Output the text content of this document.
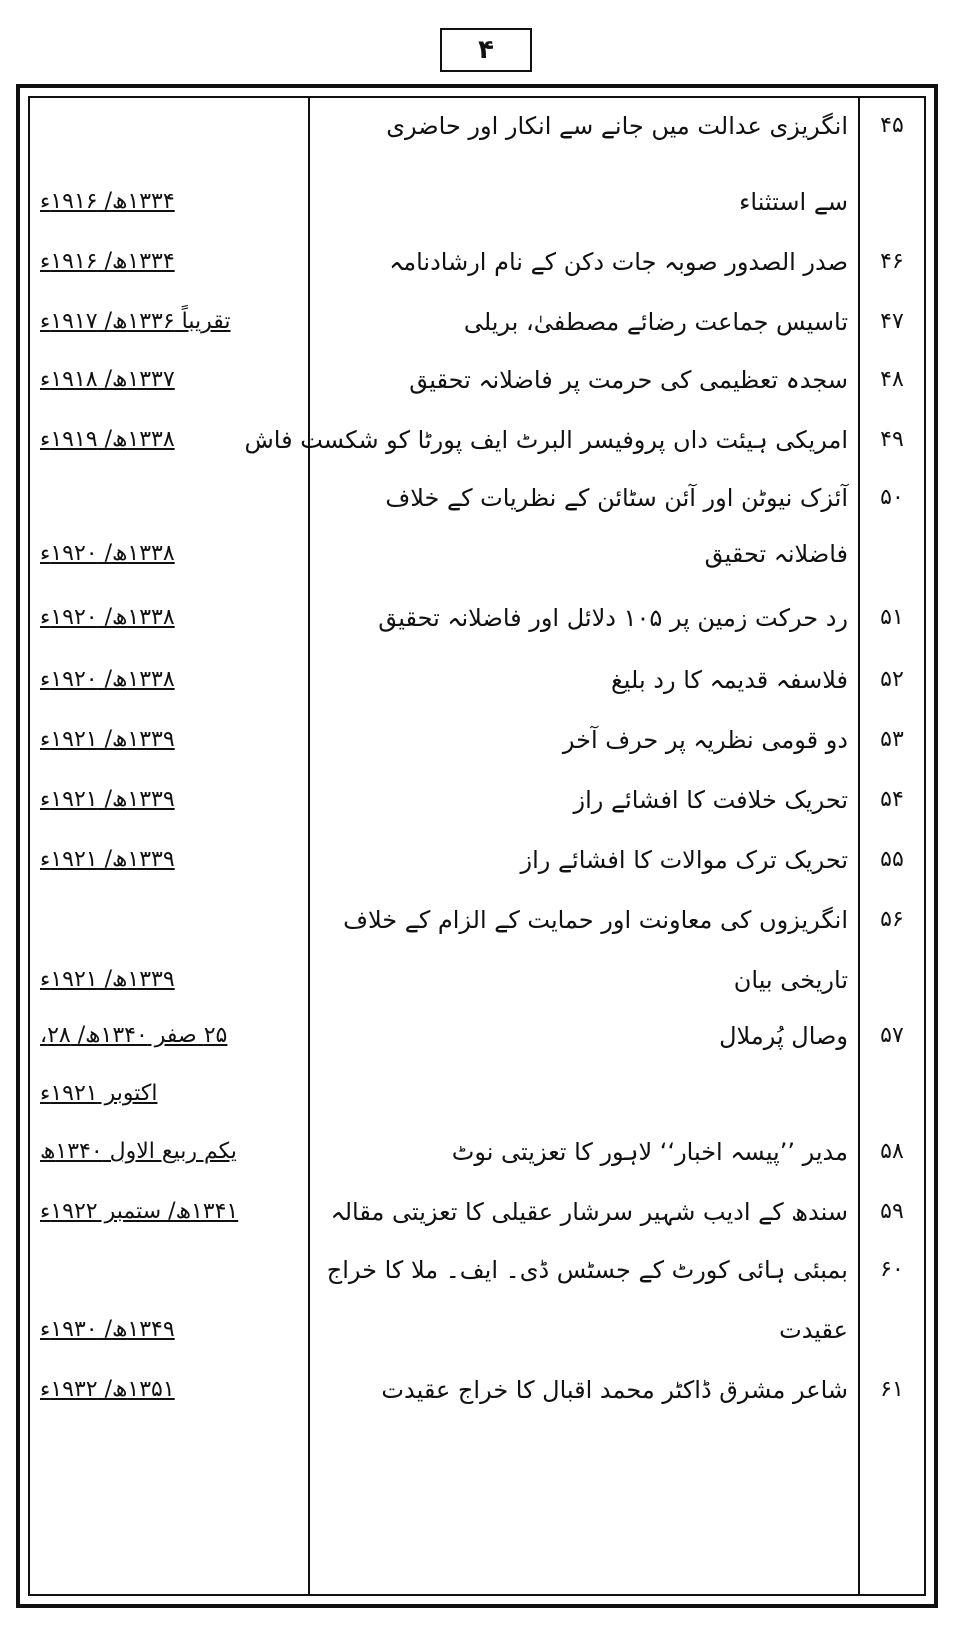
۴
۴۵
انگریزی عدالت میں جانے سے انکار اور حاضری
سے استثناء
۱۳۳۴ھ/ ۱۹۱۶ء
۴۶
صدر الصدور صوبہ جات دکن کے نام ارشادنامہ
۱۳۳۴ھ/ ۱۹۱۶ء
۴۷
تاسیس جماعت رضائے مصطفیٰ، بریلی
تقریباً ۱۳۳۶ھ/ ۱۹۱۷ء
۴۸
سجدہ تعظیمی کی حرمت پر فاضلانہ تحقیق
۱۳۳۷ھ/ ۱۹۱۸ء
۴۹
امریکی ہیئت داں پروفیسر البرٹ ایف پورٹا کو شکست فاش
۱۳۳۸ھ/ ۱۹۱۹ء
۵۰
آئزک نیوٹن اور آئن سٹائن کے نظریات کے خلاف
فاضلانہ تحقیق
۱۳۳۸ھ/ ۱۹۲۰ء
۵۱
رد حرکت زمین پر ۱۰۵ دلائل اور فاضلانہ تحقیق
۱۳۳۸ھ/ ۱۹۲۰ء
۵۲
فلاسفہ قدیمہ کا رد بلیغ
۱۳۳۸ھ/ ۱۹۲۰ء
۵۳
دو قومی نظریہ پر حرف آخر
۱۳۳۹ھ/ ۱۹۲۱ء
۵۴
تحریک خلافت کا افشائے راز
۱۳۳۹ھ/ ۱۹۲۱ء
۵۵
تحریک ترک موالات کا افشائے راز
۱۳۳۹ھ/ ۱۹۲۱ء
۵۶
انگریزوں کی معاونت اور حمایت کے الزام کے خلاف
تاریخی بیان
۱۳۳۹ھ/ ۱۹۲۱ء
۵۷
وصال پُرملال
۲۵ صفر ۱۳۴۰ھ/ ۲۸،
اکتوبر ۱۹۲۱ء
۵۸
مدیر ’’پیسہ اخبار‘‘ لاہور کا تعزیتی نوٹ
یکم ربیع الاول ۱۳۴۰ھ
۵۹
سندھ کے ادیب شہیر سرشار عقیلی کا تعزیتی مقالہ
۱۳۴۱ھ/ ستمبر ۱۹۲۲ء
۶۰
بمبئی ہائی کورٹ کے جسٹس ڈی۔ ایف۔ ملا کا خراج
عقیدت
۱۳۴۹ھ/ ۱۹۳۰ء
۶۱
شاعر مشرق ڈاکٹر محمد اقبال کا خراج عقیدت
۱۳۵۱ھ/ ۱۹۳۲ء
